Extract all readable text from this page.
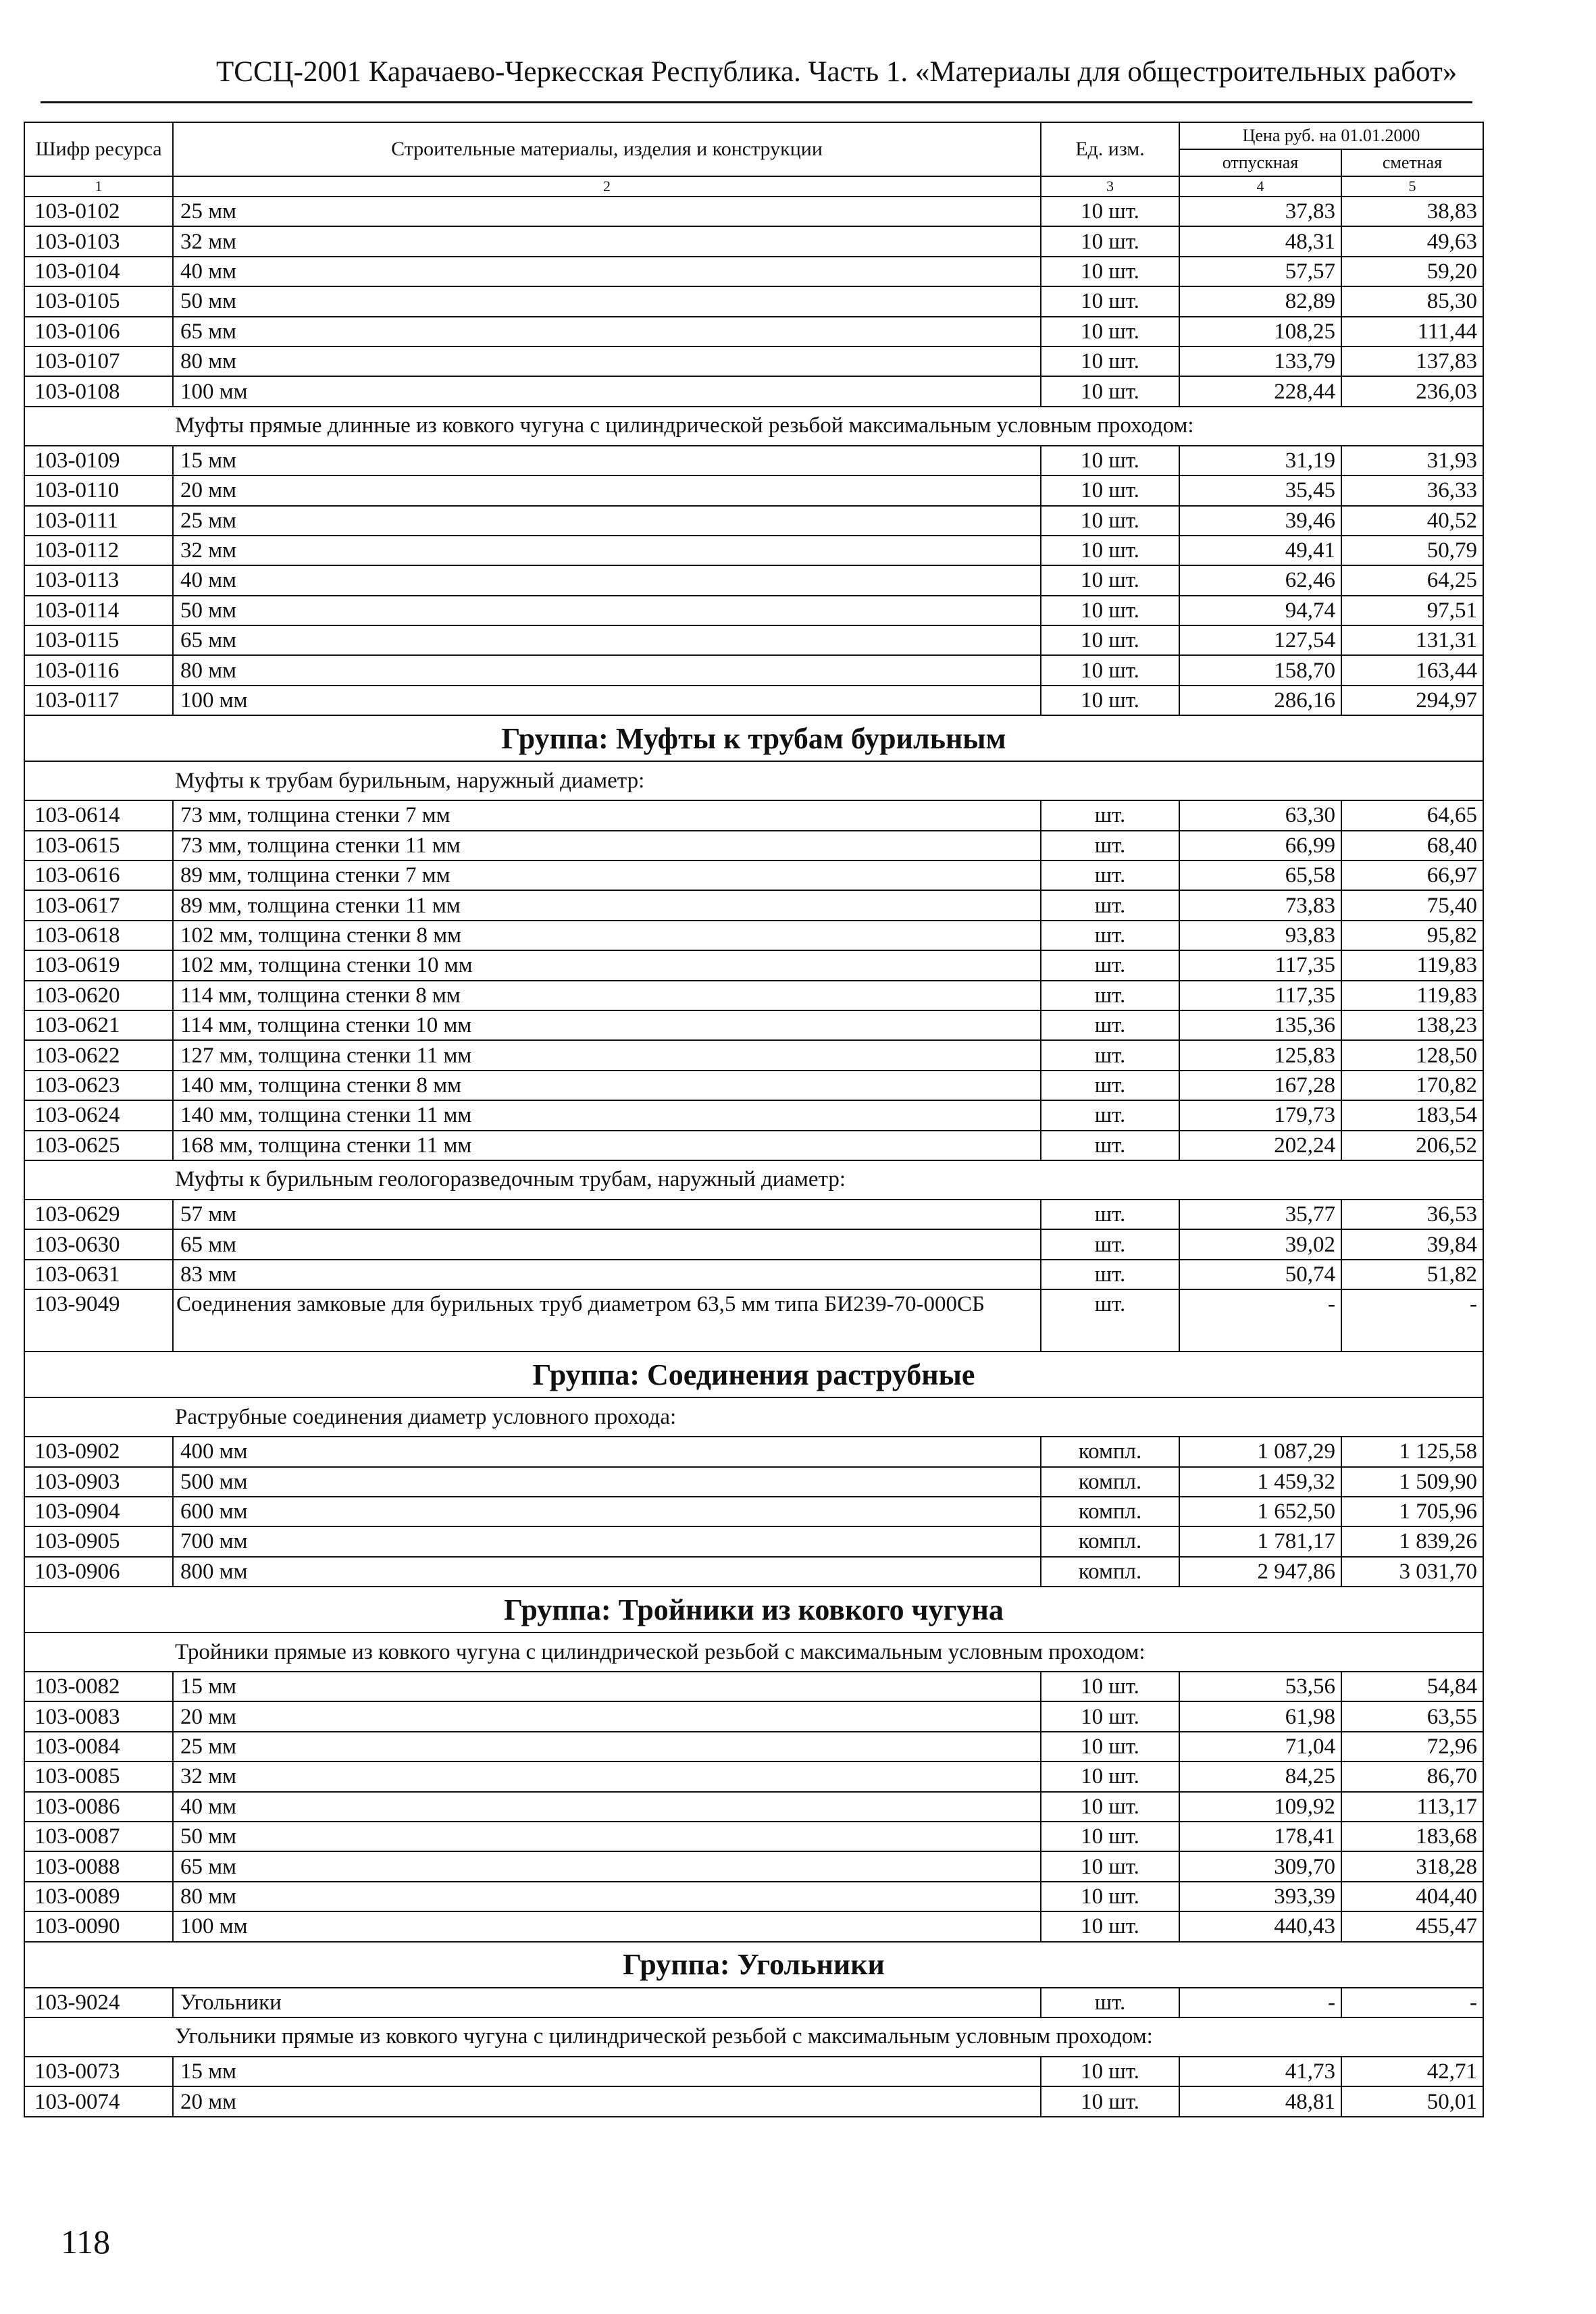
ТССЦ-2001 Карачаево-Черкесская Республика. Часть 1. «Материалы для общестроительных работ»
Шифр ресурса	Строительные материалы, изделия и конструкции	Ед. изм.	Цена руб. на 01.01.2000	
			отпускная	сметная
1	2	3	4	5
103-0102	25 мм	10 шт.	37,83	38,83
103-0103	32 мм	10 шт.	48,31	49,63
103-0104	40 мм	10 шт.	57,57	59,20
103-0105	50 мм	10 шт.	82,89	85,30
103-0106	65 мм	10 шт.	108,25	111,44
103-0107	80 мм	10 шт.	133,79	137,83
103-0108	100 мм	10 шт.	228,44	236,03
Муфты прямые длинные из ковкого чугуна с цилиндрической резьбой максимальным условным проходом:				
103-0109	15 мм	10 шт.	31,19	31,93
103-0110	20 мм	10 шт.	35,45	36,33
103-0111	25 мм	10 шт.	39,46	40,52
103-0112	32 мм	10 шт.	49,41	50,79
103-0113	40 мм	10 шт.	62,46	64,25
103-0114	50 мм	10 шт.	94,74	97,51
103-0115	65 мм	10 шт.	127,54	131,31
103-0116	80 мм	10 шт.	158,70	163,44
103-0117	100 мм	10 шт.	286,16	294,97
Группа: Муфты к трубам бурильным				
Муфты к трубам бурильным, наружный диаметр:				
103-0614	73 мм, толщина стенки 7 мм	шт.	63,30	64,65
103-0615	73 мм, толщина стенки 11 мм	шт.	66,99	68,40
103-0616	89 мм, толщина стенки 7 мм	шт.	65,58	66,97
103-0617	89 мм, толщина стенки 11 мм	шт.	73,83	75,40
103-0618	102 мм, толщина стенки 8 мм	шт.	93,83	95,82
103-0619	102 мм, толщина стенки 10 мм	шт.	117,35	119,83
103-0620	114 мм, толщина стенки 8 мм	шт.	117,35	119,83
103-0621	114 мм, толщина стенки 10 мм	шт.	135,36	138,23
103-0622	127 мм, толщина стенки 11 мм	шт.	125,83	128,50
103-0623	140 мм, толщина стенки 8 мм	шт.	167,28	170,82
103-0624	140 мм, толщина стенки 11 мм	шт.	179,73	183,54
103-0625	168 мм, толщина стенки 11 мм	шт.	202,24	206,52
Муфты к бурильным геологоразведочным трубам, наружный диаметр:				
103-0629	57 мм	шт.	35,77	36,53
103-0630	65 мм	шт.	39,02	39,84
103-0631	83 мм	шт.	50,74	51,82
103-9049	Соединения замковые для бурильных труб диаметром 63,5 мм типа БИ239-70-000СБ	шт.	-	-
Группа: Соединения раструбные				
Раструбные соединения диаметр условного прохода:				
103-0902	400 мм	компл.	1 087,29	1 125,58
103-0903	500 мм	компл.	1 459,32	1 509,90
103-0904	600 мм	компл.	1 652,50	1 705,96
103-0905	700 мм	компл.	1 781,17	1 839,26
103-0906	800 мм	компл.	2 947,86	3 031,70
Группа: Тройники из ковкого чугуна				
Тройники прямые из ковкого чугуна с цилиндрической резьбой с максимальным условным проходом:				
103-0082	15 мм	10 шт.	53,56	54,84
103-0083	20 мм	10 шт.	61,98	63,55
103-0084	25 мм	10 шт.	71,04	72,96
103-0085	32 мм	10 шт.	84,25	86,70
103-0086	40 мм	10 шт.	109,92	113,17
103-0087	50 мм	10 шт.	178,41	183,68
103-0088	65 мм	10 шт.	309,70	318,28
103-0089	80 мм	10 шт.	393,39	404,40
103-0090	100 мм	10 шт.	440,43	455,47
Группа: Угольники				
103-9024	Угольники	шт.	-	-
Угольники прямые из ковкого чугуна с цилиндрической резьбой с максимальным условным проходом:				
103-0073	15 мм	10 шт.	41,73	42,71
103-0074	20 мм	10 шт.	48,81	50,01
118
